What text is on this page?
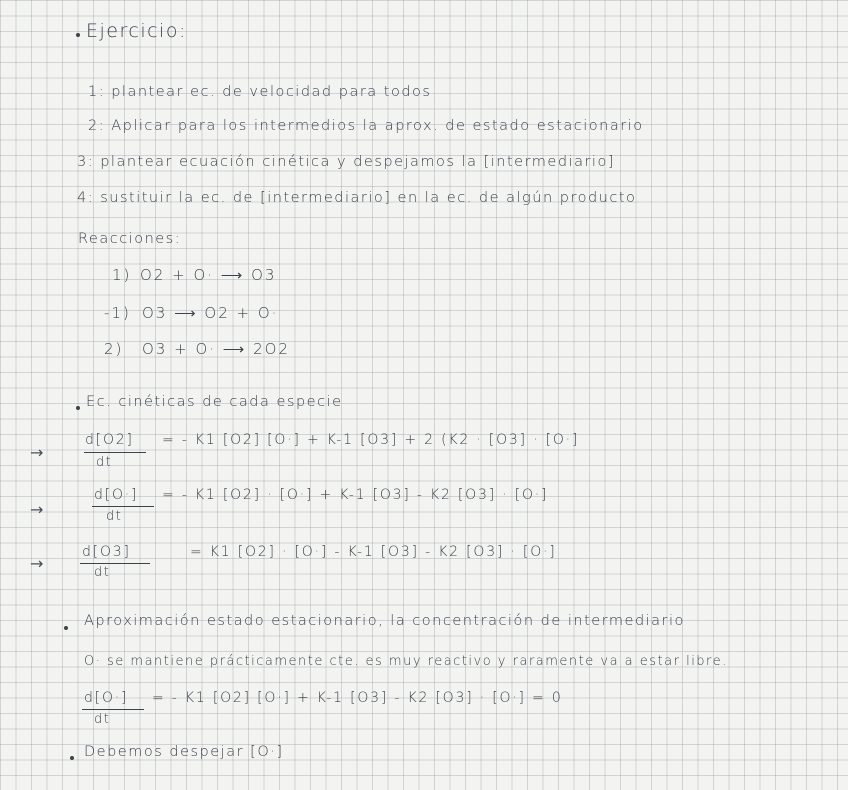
Ejercicio:
1: plantear ec. de velocidad para todos
2: Aplicar para los intermedios la aprox. de estado estacionario
3: plantear ecuación cinética y despejamos la [intermediario]
4: sustituir la ec. de [intermediario] en la ec. de algún producto
Reacciones:
1) O2 + O· ⟶ O3
-1) O3 ⟶ O2 + O·
2) O3 + O· ⟶ 2O2
Ec. cinéticas de cada especie
→
d[O2]
dt
= - K1 [O2] [O·] + K-1 [O3] + 2 (K2 · [O3] · [O·]
→
d[O·]
dt
= - K1 [O2] · [O·] + K-1 [O3] - K2 [O3] · [O·]
→
d[O3]
dt
= K1 [O2] · [O·] - K-1 [O3] - K2 [O3] · [O·]
Aproximación estado estacionario, la concentración de intermediario
O· se mantiene prácticamente cte. es muy reactivo y raramente va a estar libre.
d[O·]
dt
= - K1 [O2] [O·] + K-1 [O3] - K2 [O3] · [O·] = 0
Debemos despejar [O·]
